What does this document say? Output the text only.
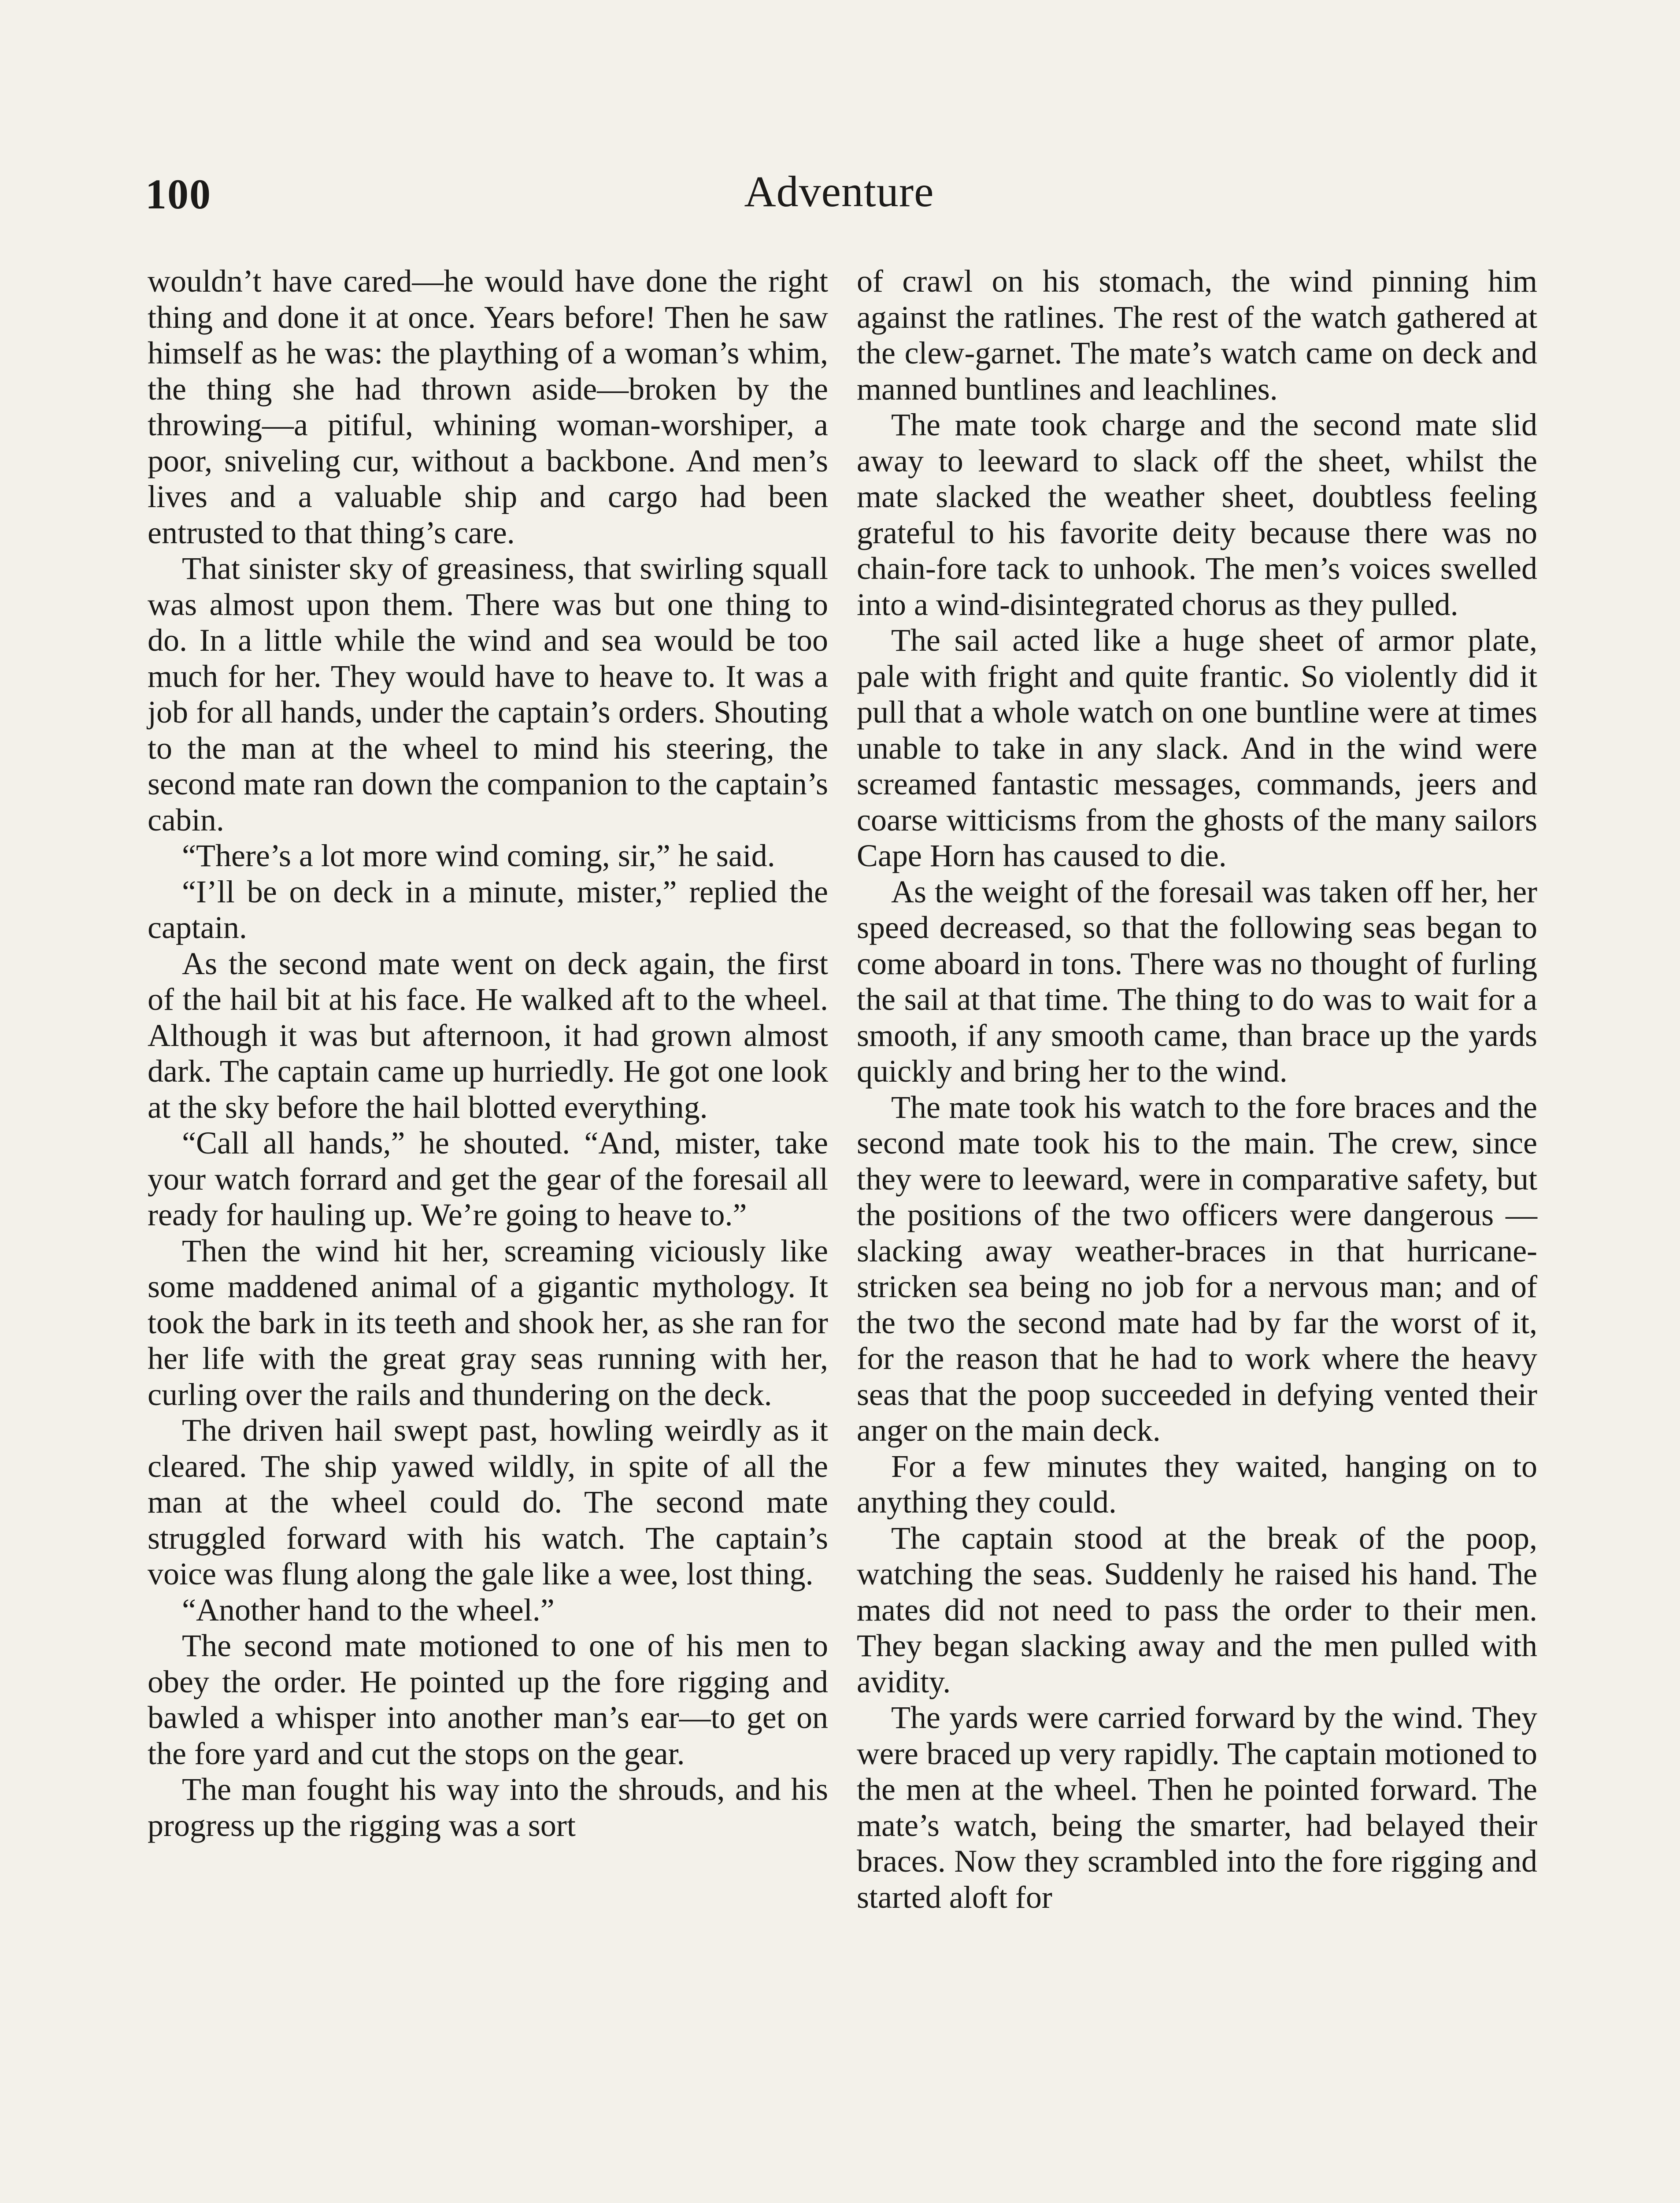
100	Adventure

wouldn’t have cared—he would have done the right thing and done it at once. Years before! Then he saw himself as he was: the plaything of a woman’s whim, the thing she had thrown aside—broken by the throwing—a pitiful, whining woman-worshiper, a poor, sniveling cur, without a backbone. And men’s lives and a valuable ship and cargo had been entrusted to that thing’s care.

That sinister sky of greasiness, that swirling squall was almost upon them. There was but one thing to do. In a little while the wind and sea would be too much for her. They would have to heave to. It was a job for all hands, under the captain’s orders. Shouting to the man at the wheel to mind his steering, the second mate ran down the companion to the captain’s cabin.

“There’s a lot more wind coming, sir,” he said.

“I’ll be on deck in a minute, mister,” replied the captain.

As the second mate went on deck again, the first of the hail bit at his face. He walked aft to the wheel. Although it was but afternoon, it had grown almost dark. The captain came up hurriedly. He got one look at the sky before the hail blotted everything.

“Call all hands,” he shouted. “And, mister, take your watch forrard and get the gear of the foresail all ready for hauling up. We’re going to heave to.”

Then the wind hit her, screaming viciously like some maddened animal of a gigantic mythology. It took the bark in its teeth and shook her, as she ran for her life with the great gray seas running with her, curling over the rails and thundering on the deck.

The driven hail swept past, howling weirdly as it cleared. The ship yawed wildly, in spite of all the man at the wheel could do. The second mate struggled forward with his watch. The captain’s voice was flung along the gale like a wee, lost thing.

“Another hand to the wheel.”

The second mate motioned to one of his men to obey the order. He pointed up the fore rigging and bawled a whisper into another man’s ear—to get on the fore yard and cut the stops on the gear.

The man fought his way into the shrouds, and his progress up the rigging was a sort

of crawl on his stomach, the wind pinning him against the ratlines. The rest of the watch gathered at the clew-garnet. The mate’s watch came on deck and manned buntlines and leachlines.

The mate took charge and the second mate slid away to leeward to slack off the sheet, whilst the mate slacked the weather sheet, doubtless feeling grateful to his favorite deity because there was no chain-fore tack to unhook. The men’s voices swelled into a wind-disintegrated chorus as they pulled.

The sail acted like a huge sheet of armor plate, pale with fright and quite frantic. So violently did it pull that a whole watch on one buntline were at times unable to take in any slack. And in the wind were screamed fantastic messages, commands, jeers and coarse witticisms from the ghosts of the many sailors Cape Horn has caused to die.

As the weight of the foresail was taken off her, her speed decreased, so that the following seas began to come aboard in tons. There was no thought of furling the sail at that time. The thing to do was to wait for a smooth, if any smooth came, than brace up the yards quickly and bring her to the wind.

The mate took his watch to the fore braces and the second mate took his to the main. The crew, since they were to leeward, were in comparative safety, but the positions of the two officers were dangerous —slacking away weather-braces in that hurricane-stricken sea being no job for a nervous man; and of the two the second mate had by far the worst of it, for the reason that he had to work where the heavy seas that the poop succeeded in defying vented their anger on the main deck.

For a few minutes they waited, hanging on to anything they could.

The captain stood at the break of the poop, watching the seas. Suddenly he raised his hand. The mates did not need to pass the order to their men. They began slacking away and the men pulled with avidity.

The yards were carried forward by the wind. They were braced up very rapidly. The captain motioned to the men at the wheel. Then he pointed forward. The mate’s watch, being the smarter, had belayed their braces. Now they scrambled into the fore rigging and started aloft for
